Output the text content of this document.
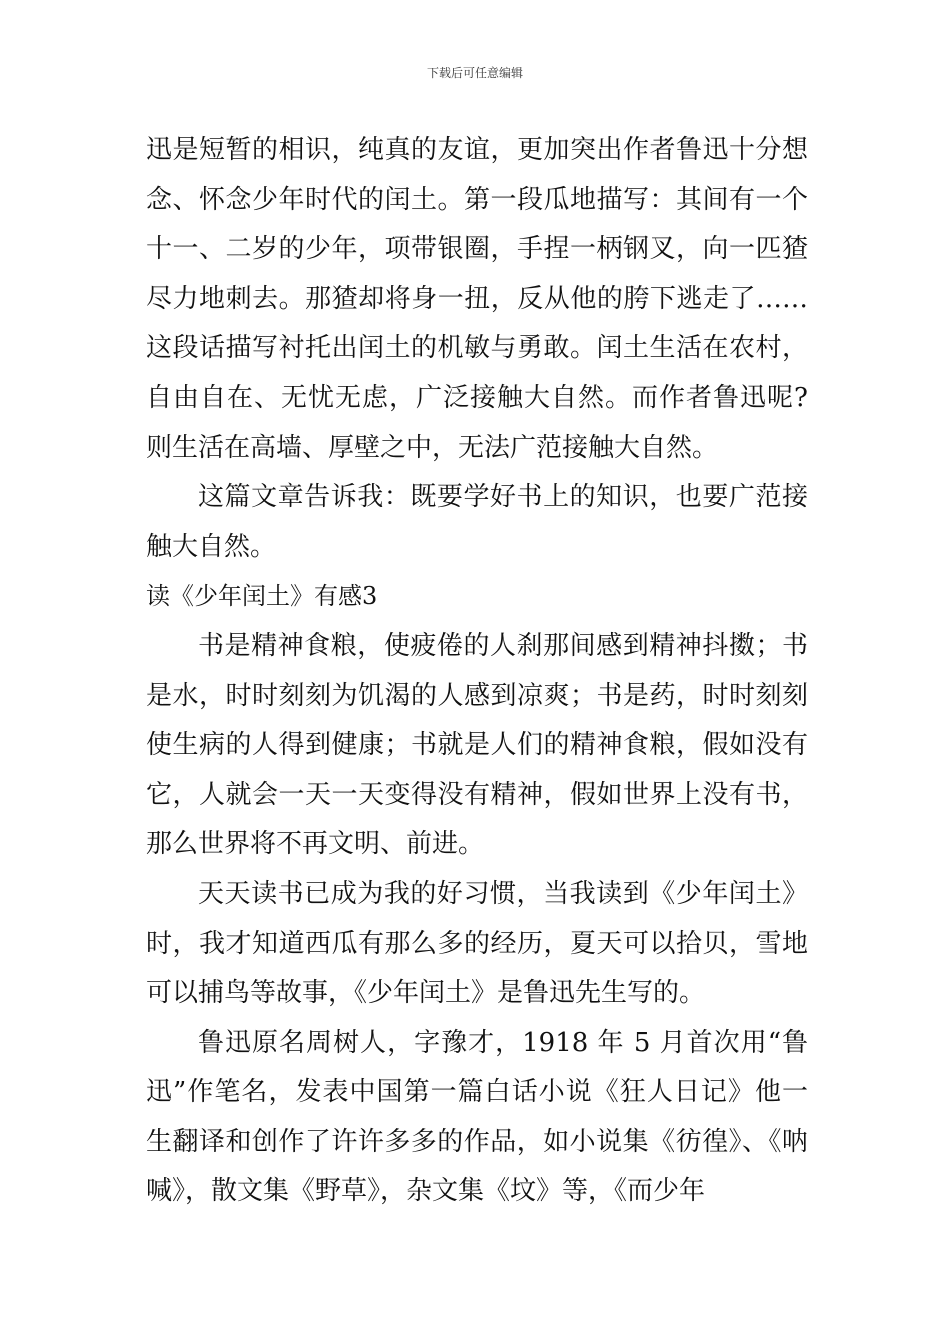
下载后可任意编辑

迅是短暂的相识，纯真的友谊，更加突出作者鲁迅十分想念、怀念少年时代的闰土。第一段瓜地描写：其间有一个十一、二岁的少年，项带银圈，手捏一柄钢叉，向一匹猹尽力地刺去。那猹却将身一扭，反从他的胯下逃走了……这段话描写衬托出闰土的机敏与勇敢。闰土生活在农村，自由自在、无忧无虑，广泛接触大自然。而作者鲁迅呢?则生活在高墙、厚壁之中，无法广范接触大自然。

这篇文章告诉我：既要学好书上的知识，也要广范接触大自然。

读《少年闰土》有感3

书是精神食粮，使疲倦的人刹那间感到精神抖擞；书是水，时时刻刻为饥渴的人感到凉爽；书是药，时时刻刻使生病的人得到健康；书就是人们的精神食粮，假如没有它，人就会一天一天变得没有精神，假如世界上没有书，那么世界将不再文明、前进。

天天读书已成为我的好习惯，当我读到《少年闰土》时，我才知道西瓜有那么多的经历，夏天可以拾贝，雪地可以捕鸟等故事，《少年闰土》是鲁迅先生写的。

鲁迅原名周树人，字豫才，1918 年 5 月首次用“鲁迅”作笔名，发表中国第一篇白话小说《狂人日记》他一生翻译和创作了许许多多的作品，如小说集《彷徨》、《呐喊》，散文集《野草》，杂文集《坟》等，《而少年
